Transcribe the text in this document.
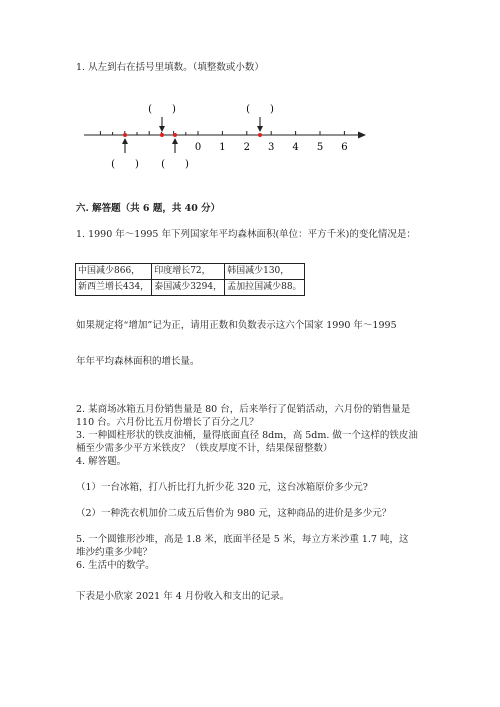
1. 从左到右在括号里填数。（填整数或小数）
0 1 2 3 4 5 6
(　　)	(　　)
(　　) (　　)
六. 解答题（共 6 题，共 40 分）
1. 1990 年～1995 年下列国家年平均森林面积(单位：平方千米)的变化情况是：
中国减少866，	印度增长72，	韩国减少130，
新西兰增长434，	泰国减少3294，	孟加拉国减少88。
如果规定将“增加”记为正，请用正数和负数表示这六个国家 1990 年～1995
年年平均森林面积的增长量。
2. 某商场冰箱五月份销售量是 80 台，后来举行了促销活动，六月份的销售量是
110 台。六月份比五月份增长了百分之几？
3. 一种圆柱形状的铁皮油桶，量得底面直径 8dm，高 5dm. 做一个这样的铁皮油
桶至少需多少平方米铁皮？（铁皮厚度不计，结果保留整数）
4. 解答题。
（1）一台冰箱，打八折比打九折少花 320 元，这台冰箱原价多少元?
（2）一种洗衣机加价二成五后售价为 980 元，这种商品的进价是多少元？
5. 一个圆锥形沙堆，高是 1.8 米，底面半径是 5 米，每立方米沙重 1.7 吨，这
堆沙约重多少吨？
6. 生活中的数学。
下表是小欣家 2021 年 4 月份收入和支出的记录。
